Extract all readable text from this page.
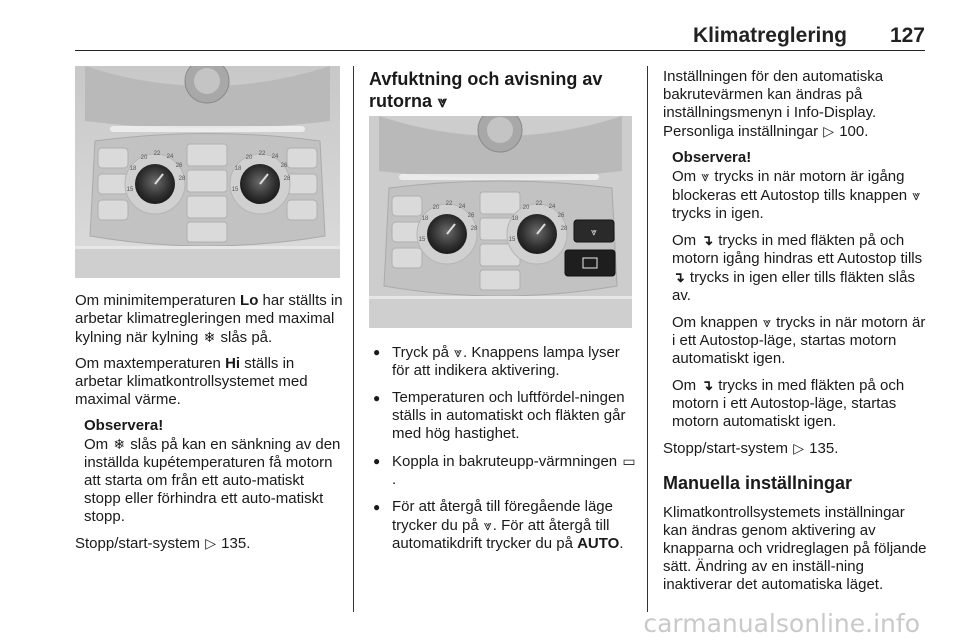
Klimatreglering 127
15
18
20
22 24
26
28
15
18
20
22 24
26
28

Om minimitemperaturen Lo har ställts in arbetar klimatregleringen med maximal kylning när kylning ❄ slås på.

Om maxtemperaturen Hi ställs in arbetar klimatkontrollsystemet med maximal värme.

Observera!
Om ❄ slås på kan en sänkning av den inställda kupétemperaturen få motorn att starta om från ett auto-matiskt stopp eller förhindra ett auto-matiskt stopp.

Stopp/start-system ▷ 135.

Avfuktning och avisning av rutorna ⩔
⩔
15
18
20
22 24
26
28
15
18
20
22 24
26
28
● Tryck på ⩔. Knappens lampa lyser för att indikera aktivering.
● Temperaturen och luftfördel-ningen ställs in automatiskt och fläkten går med hög hastighet.
● Koppla in bakruteupp-värmningen ▭.
● För att återgå till föregående läge trycker du på ⩔. För att återgå till automatikdrift trycker du på AUTO.

Inställningen för den automatiska bakrutevärmen kan ändras på inställningsmenyn i Info-Display. Personliga inställningar ▷ 100.

Observera!

Om ⩔ trycks in när motorn är igång blockeras ett Autostop tills knappen ⩔ trycks in igen.

Om ↴ trycks in med fläkten på och motorn igång hindras ett Autostop tills ↴ trycks in igen eller tills fläkten slås av.

Om knappen ⩔ trycks in när motorn är i ett Autostop-läge, startas motorn automatiskt igen.

Om ↴ trycks in med fläkten på och motorn i ett Autostop-läge, startas motorn automatiskt igen.

Stopp/start-system ▷ 135.

Manuella inställningar

Klimatkontrollsystemets inställningar kan ändras genom aktivering av knapparna och vridreglagen på följande sätt. Ändring av en inställ-ning inaktiverar det automatiska läget.

carmanualsonline.info
